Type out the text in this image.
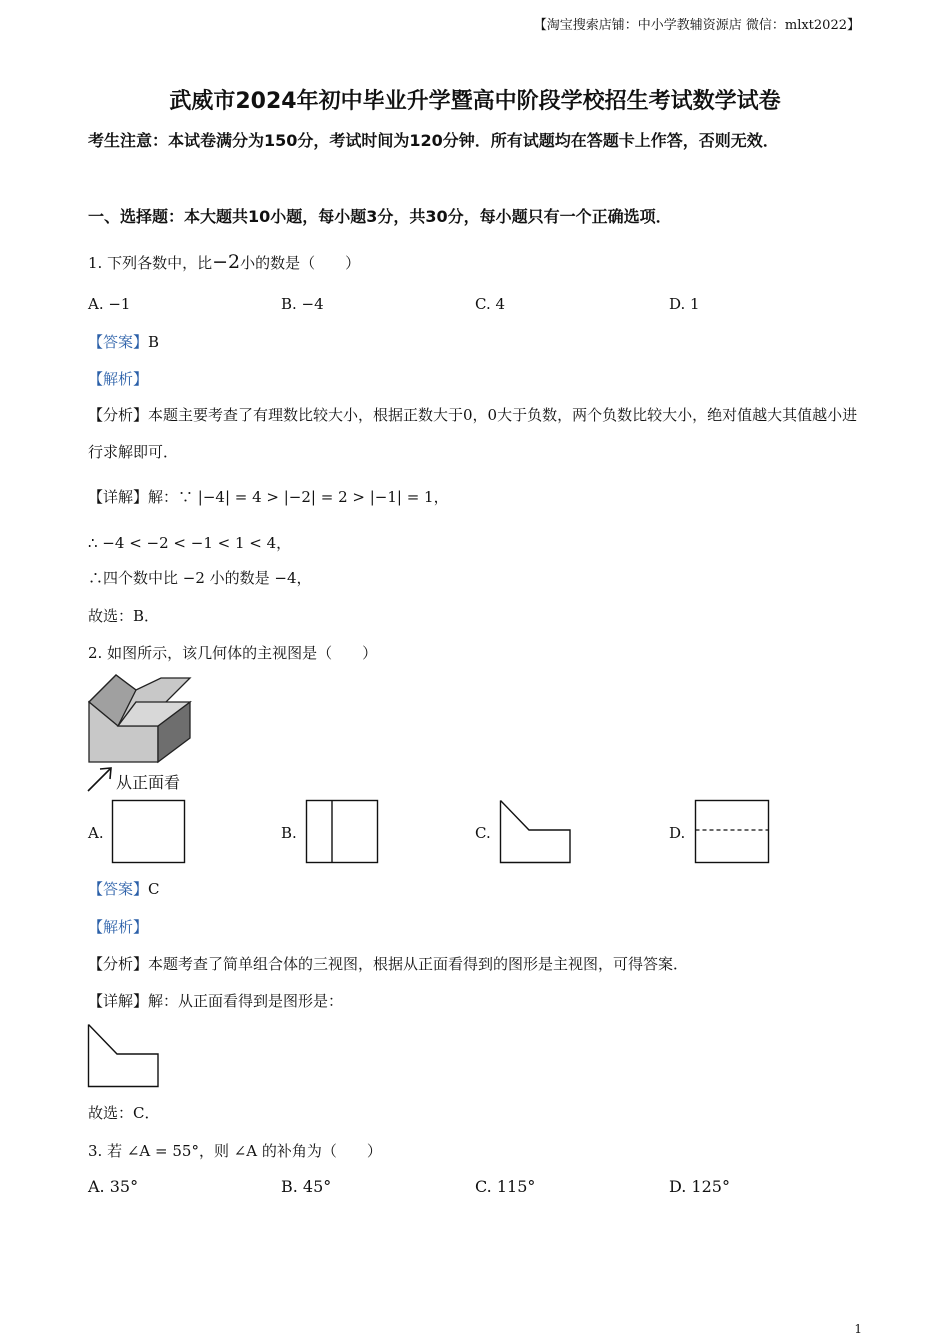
【淘宝搜索店铺：中小学教辅资源店 微信：mlxt2022】
武威市2024年初中毕业升学暨高中阶段学校招生考试数学试卷
考生注意：本试卷满分为150分，考试时间为120分钟．所有试题均在答题卡上作答，否则无效．
一、选择题：本大题共10小题，每小题3分，共30分，每小题只有一个正确选项．
1. 下列各数中，比−2小的数是（　　）
A. −1	B. −4	C. 4	D. 1
【答案】B
【解析】
【分析】本题主要考查了有理数比较大小，根据正数大于0，0大于负数，两个负数比较大小，绝对值越大其值越小进行求解即可．
【详解】解：∵ |−4| = 4 > |−2| = 2 > |−1| = 1，
∴ −4 < −2 < −1 < 1 < 4，
∴四个数中比 −2 小的数是 −4，
故选：B．
2. 如图所示，该几何体的主视图是（　　）
从正面看
A.	B.	C.	D.
【答案】C
【解析】
【分析】本题考查了简单组合体的三视图，根据从正面看得到的图形是主视图，可得答案．
【详解】解：从正面看得到是图形是：
故选：C．
3. 若 ∠A = 55°，则 ∠A 的补角为（　　）
A. 35°	B. 45°	C. 115°	D. 125°
1
